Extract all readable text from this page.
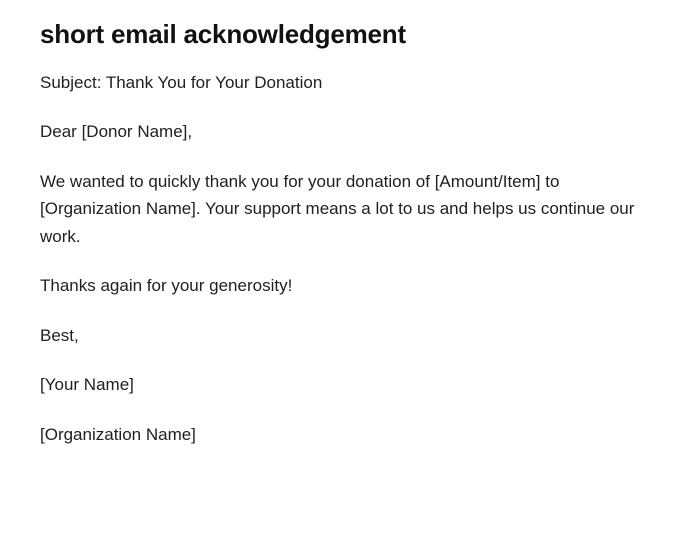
short email acknowledgement

Subject: Thank You for Your Donation

Dear [Donor Name],

We wanted to quickly thank you for your donation of [Amount/Item] to [Organization Name]. Your support means a lot to us and helps us continue our work.

Thanks again for your generosity!

Best,

[Your Name]

[Organization Name]
